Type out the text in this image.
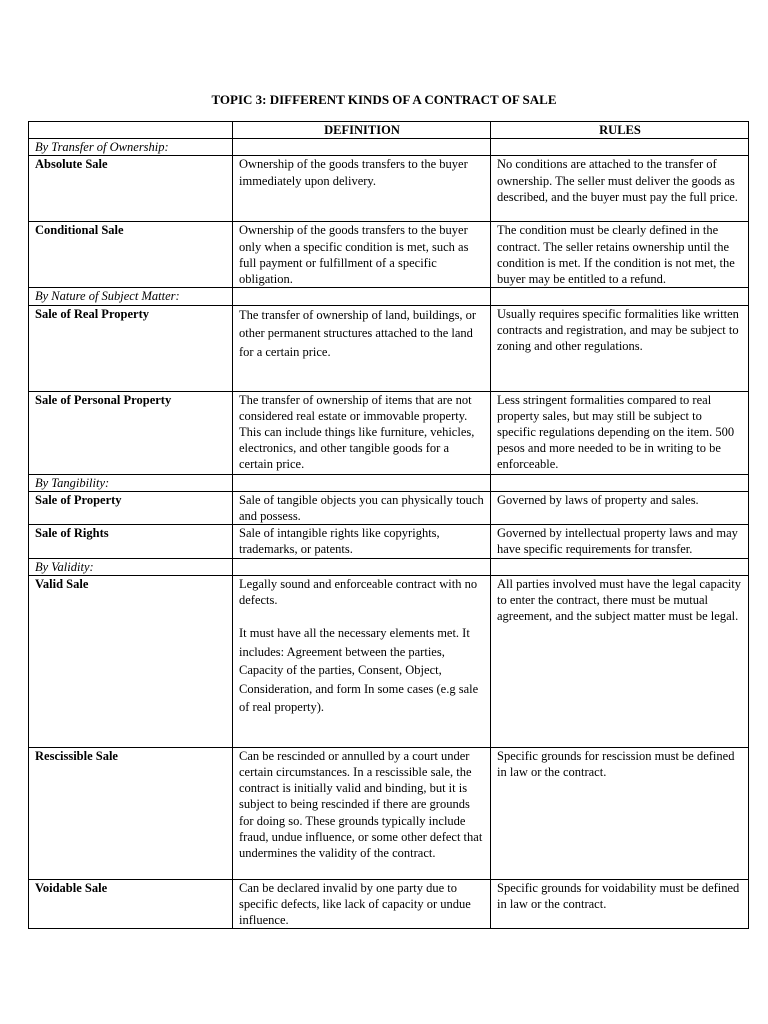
TOPIC 3: DIFFERENT KINDS OF A CONTRACT OF SALE
	DEFINITION	RULES
By Transfer of Ownership:		
Absolute Sale	Ownership of the goods transfers to the buyer immediately upon delivery.	No conditions are attached to the transfer of ownership. The seller must deliver the goods as described, and the buyer must pay the full price.
Conditional Sale	Ownership of the goods transfers to the buyer only when a specific condition is met, such as full payment or fulfillment of a specific obligation.	The condition must be clearly defined in the contract. The seller retains ownership until the condition is met. If the condition is not met, the buyer may be entitled to a refund.
By Nature of Subject Matter:		
Sale of Real Property	The transfer of ownership of land, buildings, or other permanent structures attached to the land for a certain price.	Usually requires specific formalities like written contracts and registration, and may be subject to zoning and other regulations.
Sale of Personal Property	The transfer of ownership of items that are not considered real estate or immovable property. This can include things like furniture, vehicles, electronics, and other tangible goods for a certain price.	Less stringent formalities compared to real property sales, but may still be subject to specific regulations depending on the item. 500 pesos and more needed to be in writing to be enforceable.
By Tangibility:		
Sale of Property	Sale of tangible objects you can physically touch and possess.	Governed by laws of property and sales.
Sale of Rights	Sale of intangible rights like copyrights, trademarks, or patents.	Governed by intellectual property laws and may have specific requirements for transfer.
By Validity:		
Valid Sale	Legally sound and enforceable contract with no defects.
It must have all the necessary elements met. It includes: Agreement between the parties, Capacity of the parties, Consent, Object, Consideration, and form In some cases (e.g sale of real property).	All parties involved must have the legal capacity to enter the contract, there must be mutual agreement, and the subject matter must be legal.
Rescissible Sale	Can be rescinded or annulled by a court under certain circumstances. In a rescissible sale, the contract is initially valid and binding, but it is subject to being rescinded if there are grounds for doing so. These grounds typically include fraud, undue influence, or some other defect that undermines the validity of the contract.	Specific grounds for rescission must be defined in law or the contract.
Voidable Sale	Can be declared invalid by one party due to specific defects, like lack of capacity or undue influence.	Specific grounds for voidability must be defined in law or the contract.
